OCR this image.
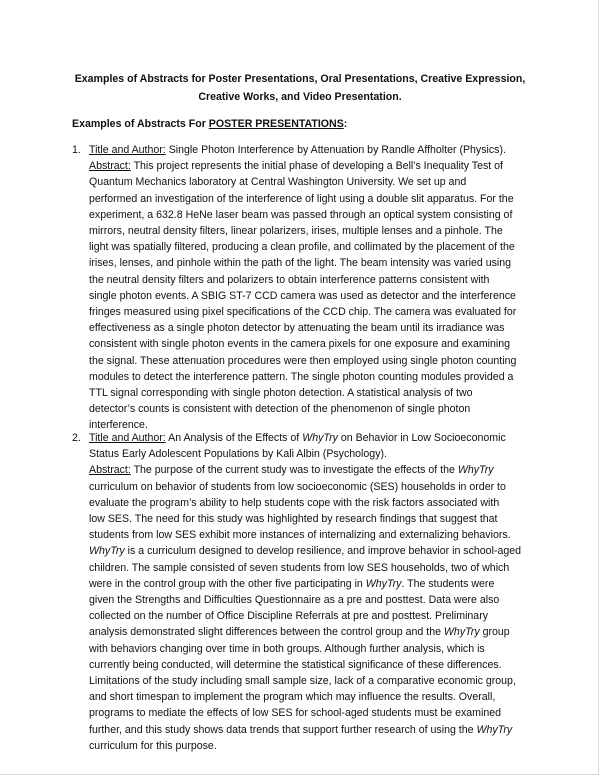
Examples of Abstracts for Poster Presentations, Oral Presentations, Creative Expression,
Creative Works, and Video Presentation.
Examples of Abstracts For POSTER PRESENTATIONS:
1. Title and Author: Single Photon Interference by Attenuation by Randle Affholter (Physics).
Abstract: This project represents the initial phase of developing a Bell’s Inequality Test of
Quantum Mechanics laboratory at Central Washington University. We set up and
performed an investigation of the interference of light using a double slit apparatus. For the
experiment, a 632.8 HeNe laser beam was passed through an optical system consisting of
mirrors, neutral density filters, linear polarizers, irises, multiple lenses and a pinhole. The
light was spatially filtered, producing a clean profile, and collimated by the placement of the
irises, lenses, and pinhole within the path of the light. The beam intensity was varied using
the neutral density filters and polarizers to obtain interference patterns consistent with
single photon events. A SBIG ST-7 CCD camera was used as detector and the interference
fringes measured using pixel specifications of the CCD chip. The camera was evaluated for
effectiveness as a single photon detector by attenuating the beam until its irradiance was
consistent with single photon events in the camera pixels for one exposure and examining
the signal. These attenuation procedures were then employed using single photon counting
modules to detect the interference pattern. The single photon counting modules provided a
TTL signal corresponding with single photon detection. A statistical analysis of two
detector’s counts is consistent with detection of the phenomenon of single photon
interference.
2. Title and Author: An Analysis of the Effects of WhyTry on Behavior in Low Socioeconomic
Status Early Adolescent Populations by Kali Albin (Psychology).
Abstract: The purpose of the current study was to investigate the effects of the WhyTry
curriculum on behavior of students from low socioeconomic (SES) households in order to
evaluate the program’s ability to help students cope with the risk factors associated with
low SES. The need for this study was highlighted by research findings that suggest that
students from low SES exhibit more instances of internalizing and externalizing behaviors.
WhyTry is a curriculum designed to develop resilience, and improve behavior in school-aged
children. The sample consisted of seven students from low SES households, two of which
were in the control group with the other five participating in WhyTry. The students were
given the Strengths and Difficulties Questionnaire as a pre and posttest. Data were also
collected on the number of Office Discipline Referrals at pre and posttest. Preliminary
analysis demonstrated slight differences between the control group and the WhyTry group
with behaviors changing over time in both groups. Although further analysis, which is
currently being conducted, will determine the statistical significance of these differences.
Limitations of the study including small sample size, lack of a comparative economic group,
and short timespan to implement the program which may influence the results. Overall,
programs to mediate the effects of low SES for school-aged students must be examined
further, and this study shows data trends that support further research of using the WhyTry
curriculum for this purpose.
